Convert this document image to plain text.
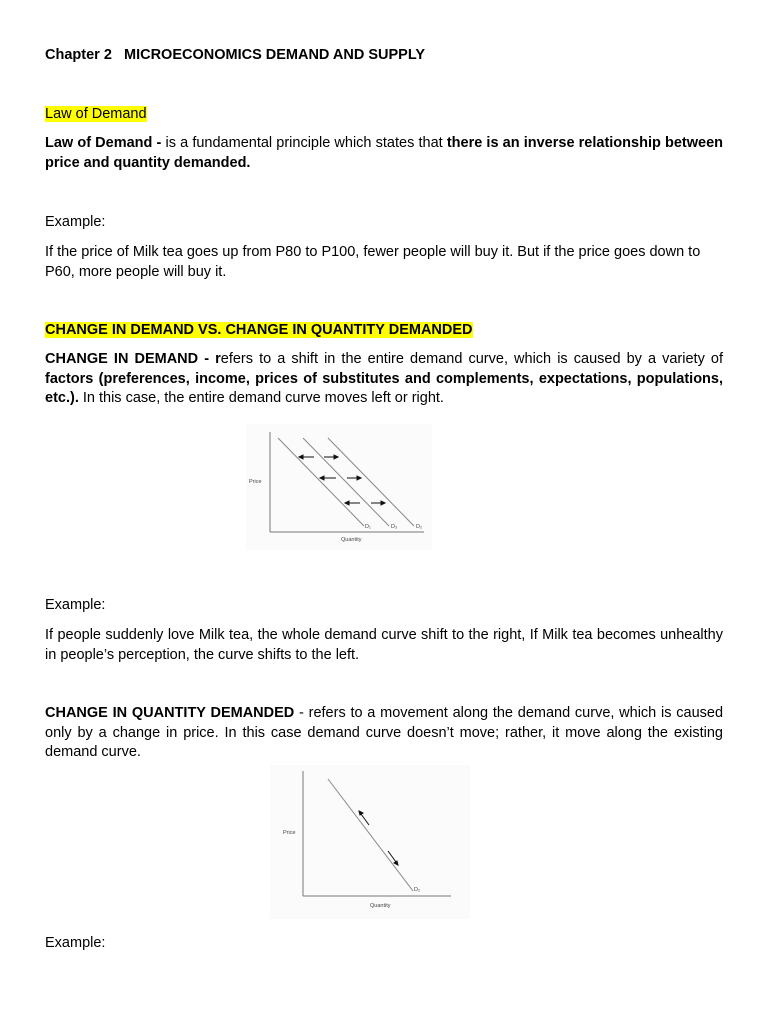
Chapter 2 MICROECONOMICS DEMAND AND SUPPLY

Law of Demand

Law of Demand - is a fundamental principle which states that there is an inverse relationship between price and quantity demanded.

Example:

If the price of Milk tea goes up from P80 to P100, fewer people will buy it. But if the price goes down to P60, more people will buy it.

CHANGE IN DEMAND VS. CHANGE IN QUANTITY DEMANDED

CHANGE IN DEMAND - refers to a shift in the entire demand curve, which is caused by a variety of factors (preferences, income, prices of substitutes and complements, expectations, populations, etc.). In this case, the entire demand curve moves left or right.

Example:

If people suddenly love Milk tea, the whole demand curve shift to the right, If Milk tea becomes unhealthy in people’s perception, the curve shifts to the left.

CHANGE IN QUANTITY DEMANDED - refers to a movement along the demand curve, which is caused only by a change in price. In this case demand curve doesn’t move; rather, it move along the existing demand curve.

Example:

Price
Quantity
D₁	D₃	D₂
Price
Quantity
D₂
